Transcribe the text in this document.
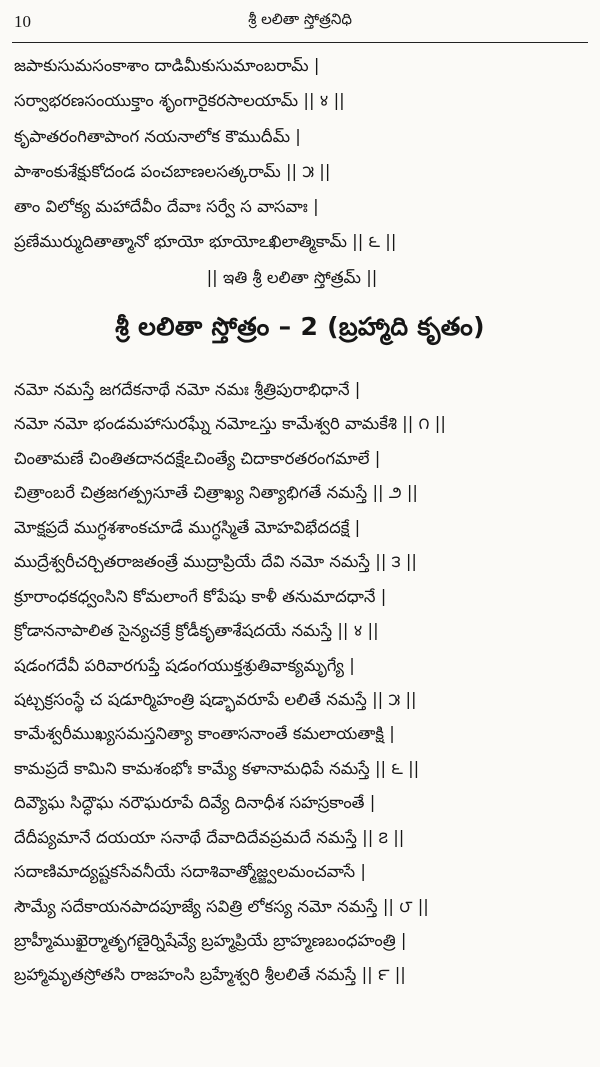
10	శ్రీ లలితా స్తోత్రనిధి
జపాకుసుమసంకాశాం దాడిమీకుసుమాంబరామ్ |
సర్వాభరణసంయుక్తాం శృంగారైకరసాలయామ్ || ४ ||
కృపాతరంగితాపాంగ నయనాలోక కౌముదీమ్ |
పాశాంకుశేక్షుకోదండ పంచబాణలసత్కరామ్ || ౫ ||
తాం విలోక్య మహాదేవీం దేవాః సర్వే స వాసవాః |
ప్రణేముర్ముదితాత్మానో భూయో భూయోఽఖిలాత్మికామ్ || ౬ ||
|| ఇతి శ్రీ లలితా స్తోత్రమ్ ||
శ్రీ లలితా స్తోత్రం – 2 (బ్రహ్మాది కృతం)
నమో నమస్తే జగదేకనాథే నమో నమః శ్రీత్రిపురాభిధానే |
నమో నమో భండమహాసురఘ్నే నమోఽస్తు కామేశ్వరి వామకేశి || ౧ ||
చింతామణే చింతితదానదక్షేఽచింత్యే చిదాకారతరంగమాలే |
చిత్రాంబరే చిత్రజగత్ప్రసూతే చిత్రాఖ్య నిత్యాభిగతే నమస్తే || ౨ ||
మోక్షప్రదే ముగ్ధశశాంకచూడే ముగ్ధస్మితే మోహవిభేదదక్షే |
ముద్రేశ్వరీచర్చితరాజతంత్రే ముద్రాప్రియే దేవి నమో నమస్తే || ౩ ||
క్రూరాంధకధ్వంసిని కోమలాంగే కోపేషు కాళీ తనుమాదధానే |
క్రోడాననాపాలిత సైన్యచక్రే క్రోడీకృతాశేషదయే నమస్తే || ४ ||
షడంగదేవీ పరివారగుప్తే షడంగయుక్తశ్రుతివాక్యమృగ్యే |
షట్చక్రసంస్థే చ షడూర్మిహంత్రి షడ్భావరూపే లలితే నమస్తే || ౫ ||
కామేశ్వరీముఖ్యసమస్తనిత్యా కాంతాసనాంతే కమలాయతాక్షి |
కామప్రదే కామిని కామశంభోః కామ్యే కళానామధిపే నమస్తే || ౬ ||
దివ్యౌఘ సిద్ధౌఘ నరౌఘరూపే దివ్యే దినాధీశ సహస్రకాంతే |
దేదీప్యమానే దయయా సనాథే దేవాదిదేవప్రమదే నమస్తే || ౭ ||
సదాణిమాద్యష్టకసేవనీయే సదాశివాత్మోజ్జ్వలమంచవాసే |
సౌమ్యే సదేకాయనపాదపూజ్యే సవిత్రి లోకస్య నమో నమస్తే || ౮ ||
బ్రాహ్మీముఖైర్మాతృగణైర్నిషేవ్యే బ్రహ్మప్రియే బ్రాహ్మణబంధహంత్రి |
బ్రహ్మామృతస్రోతసి రాజహంసి బ్రహ్మేశ్వరి శ్రీలలితే నమస్తే || ౯ ||
